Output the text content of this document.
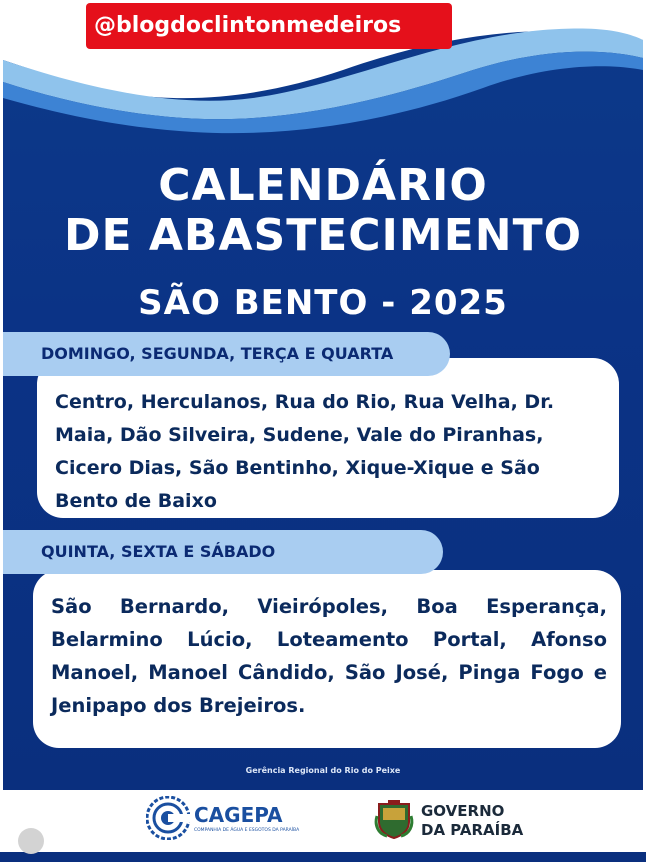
CALENDÁRIO
DE ABASTECIMENTO
SÃO BENTO - 2025
Centro, Herculanos, Rua do Rio, Rua Velha, Dr. Maia, Dão Silveira, Sudene, Vale do Piranhas, Cicero Dias, São Bentinho, Xique-Xique e São Bento de Baixo
DOMINGO, SEGUNDA, TERÇA E QUARTA
São Bernardo, Vieirópoles, Boa Esperança, Belarmino Lúcio, Loteamento Portal, Afonso Manoel, Manoel Cândido, São José, Pinga Fogo e Jenipapo dos Brejeiros.
QUINTA, SEXTA E SÁBADO
Gerência Regional do Rio do Peixe
@blogdoclintonmedeiros
CAGEPA
COMPANHIA DE ÁGUA E ESGOTOS DA PARAÍBA
GOVERNO
DA PARAÍBA
